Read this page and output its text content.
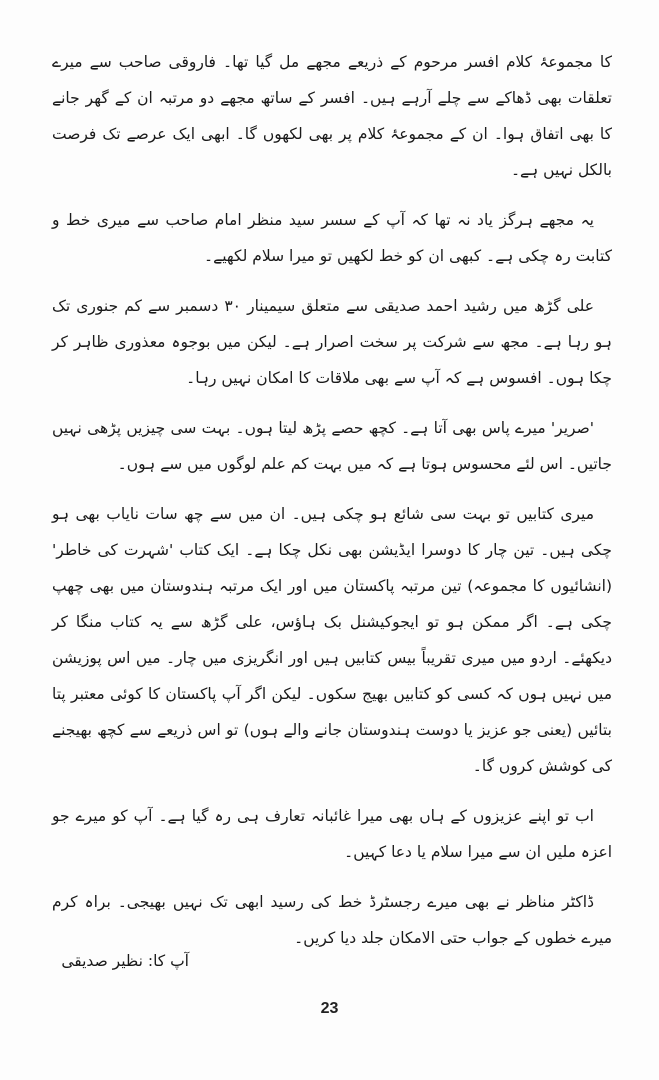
کا مجموعۂ کلام افسر مرحوم کے ذریعے مجھے مل گیا تھا۔ فاروقی صاحب سے میرے تعلقات بھی ڈھاکے سے چلے آرہے ہیں۔ افسر کے ساتھ مجھے دو مرتبہ ان کے گھر جانے کا بھی اتفاق ہوا۔ ان کے مجموعۂ کلام پر بھی لکھوں گا۔ ابھی ایک عرصے تک فرصت بالکل نہیں ہے۔

یہ مجھے ہرگز یاد نہ تھا کہ آپ کے سسر سید منظر امام صاحب سے میری خط و کتابت رہ چکی ہے۔ کبھی ان کو خط لکھیں تو میرا سلام لکھیے۔

علی گڑھ میں رشید احمد صدیقی سے متعلق سیمینار ۳۰ دسمبر سے کم جنوری تک ہو رہا ہے۔ مجھ سے شرکت پر سخت اصرار ہے۔ لیکن میں بوجوہ معذوری ظاہر کر چکا ہوں۔ افسوس ہے کہ آپ سے بھی ملاقات کا امکان نہیں رہا۔

'صریر' میرے پاس بھی آتا ہے۔ کچھ حصے پڑھ لیتا ہوں۔ بہت سی چیزیں پڑھی نہیں جاتیں۔ اس لئے محسوس ہوتا ہے کہ میں بہت کم علم لوگوں میں سے ہوں۔

میری کتابیں تو بہت سی شائع ہو چکی ہیں۔ ان میں سے چھ سات نایاب بھی ہو چکی ہیں۔ تین چار کا دوسرا ایڈیشن بھی نکل چکا ہے۔ ایک کتاب 'شہرت کی خاطر' (انشائیوں کا مجموعہ) تین مرتبہ پاکستان میں اور ایک مرتبہ ہندوستان میں بھی چھپ چکی ہے۔ اگر ممکن ہو تو ایجوکیشنل بک ہاؤس، علی گڑھ سے یہ کتاب منگا کر دیکھئے۔ اردو میں میری تقریباً بیس کتابیں ہیں اور انگریزی میں چار۔ میں اس پوزیشن میں نہیں ہوں کہ کسی کو کتابیں بھیج سکوں۔ لیکن اگر آپ پاکستان کا کوئی معتبر پتا بتائیں (یعنی جو عزیز یا دوست ہندوستان جانے والے ہوں) تو اس ذریعے سے کچھ بھیجنے کی کوشش کروں گا۔

اب تو اپنے عزیزوں کے ہاں بھی میرا غائبانہ تعارف ہی رہ گیا ہے۔ آپ کو میرے جو اعزہ ملیں ان سے میرا سلام یا دعا کہیں۔

ڈاکٹر مناظر نے بھی میرے رجسٹرڈ خط کی رسید ابھی تک نہیں بھیجی۔ براہ کرم میرے خطوں کے جواب حتی الامکان جلد دیا کریں۔

آپ کا: نظیر صدیقی
23
